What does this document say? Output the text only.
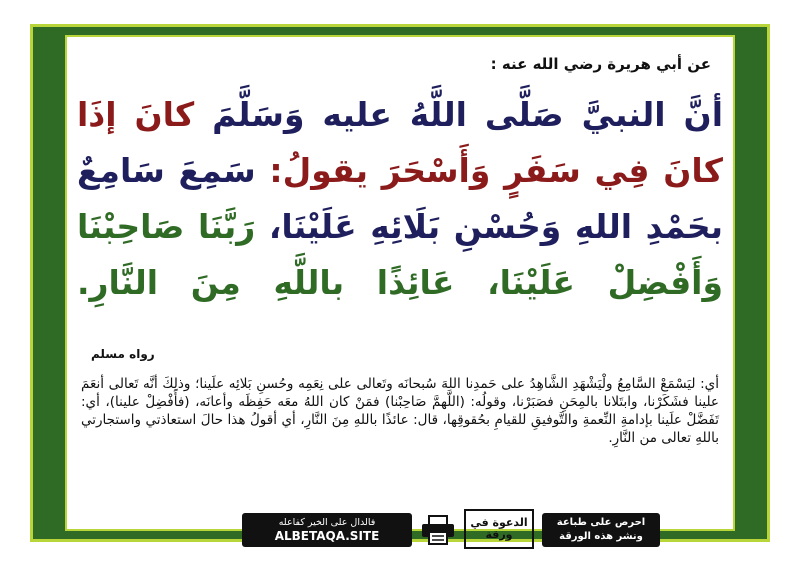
عن أبي هريرة رضي الله عنه :
أنَّ النبيَّ صَلَّى اللَّهُ عليه وَسَلَّمَ كانَ إذَا كانَ فِي سَفَرٍ وَأَسْحَرَ يقولُ: سَمِعَ سَامِعٌ بحَمْدِ اللهِ وَحُسْنِ بَلَائِهِ عَلَيْنَا، رَبَّنَا صَاحِبْنَا وَأَفْضِلْ عَلَيْنَا، عَائِذًا باللَّهِ مِنَ النَّارِ.
رواه مسلم
أي: ليَسْمَعْ السَّامِعُ ولْيَشْهَدِ الشَّاهِدُ على حَمدِنا اللهَ سُبحانَه وتَعالى على نِعَمِه وحُسنِ بَلائِه علَينا؛ وذلِكَ أنَّه تَعالى أنعَمَ علينا فشَكَرْنا، وابتَلانا بالمِحَنِ فصَبَرْنا، وقولُه: (اللَّهمَّ صَاحِبْنا) فمَنْ كان اللهُ معَه حَفِظَه وأعانَه، (فأَفْضِلْ علينا)، أي: تَفَضَّلْ علَينا بإدامةِ النِّعمةِ والتَّوفيقِ للقيامِ بحُقوقِها، قال: عائذًا باللهِ مِنَ النَّارِ، أي أقولُ هذا حالَ استعاذتي واستجارتي باللهِ تعالى من النَّارِ.
فالدال على الخير كفاعله
ALBETAQA.SITE
الدعوة في ورقة
احرص على طباعة
ونشر هذه الورقة
